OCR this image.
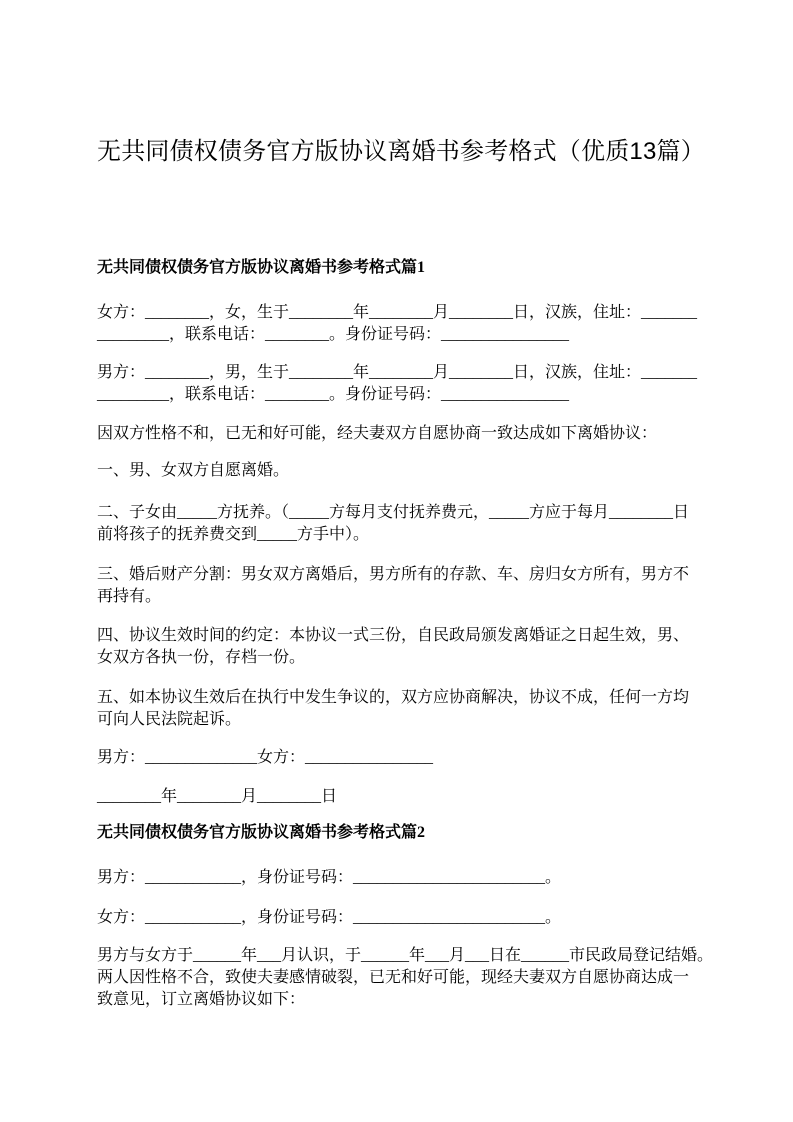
无共同债权债务官方版协议离婚书参考格式（优质13篇）
无共同债权债务官方版协议离婚书参考格式篇1
女方：________，女，生于________年________月________日，汉族，住址：_______
_________，联系电话：________。身份证号码：________________
男方：________，男，生于________年________月________日，汉族，住址：_______
_________，联系电话：________。身份证号码：________________
因双方性格不和，已无和好可能，经夫妻双方自愿协商一致达成如下离婚协议：
一、男、女双方自愿离婚。
二、子女由_____方抚养。（_____方每月支付抚养费元，_____方应于每月________日
前将孩子的抚养费交到_____方手中）。
三、婚后财产分割：男女双方离婚后，男方所有的存款、车、房归女方所有，男方不
再持有。
四、协议生效时间的约定：本协议一式三份，自民政局颁发离婚证之日起生效，男、
女双方各执一份，存档一份。
五、如本协议生效后在执行中发生争议的，双方应协商解决，协议不成，任何一方均
可向人民法院起诉。
男方：______________女方：________________
________年________月________日
无共同债权债务官方版协议离婚书参考格式篇2
男方：____________，身份证号码：________________________。
女方：____________，身份证号码：________________________。
男方与女方于______年___月认识，于______年___月___日在______市民政局登记结婚。
两人因性格不合，致使夫妻感情破裂，已无和好可能，现经夫妻双方自愿协商达成一
致意见，订立离婚协议如下：
